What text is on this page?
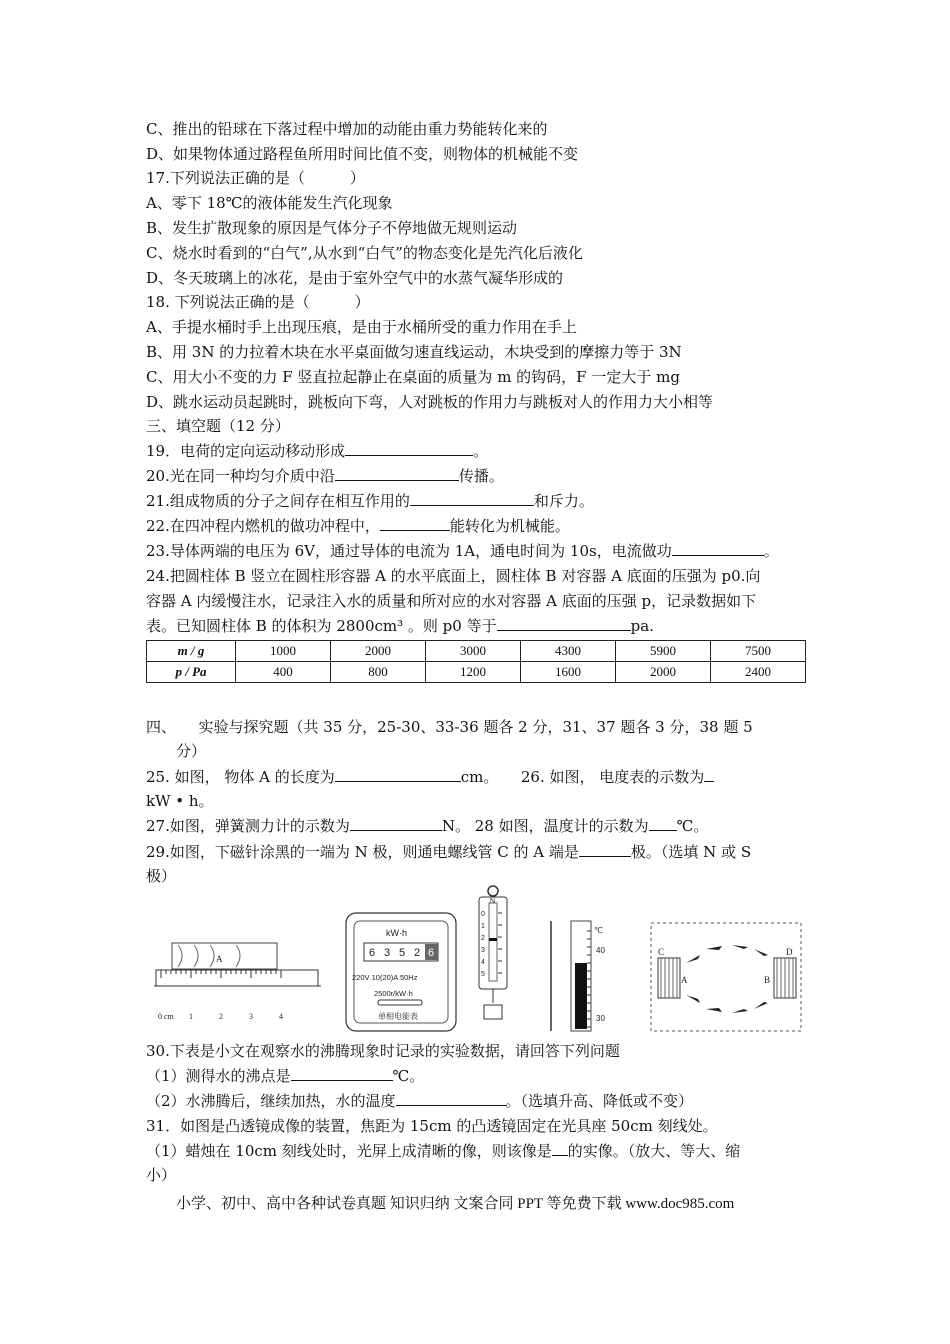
C、推出的铅球在下落过程中增加的动能由重力势能转化来的
D、如果物体通过路程鱼所用时间比值不变，则物体的机械能不变
17.下列说法正确的是（　　　）
A、零下 18℃的液体能发生汽化现象
B、发生扩散现象的原因是气体分子不停地做无规则运动
C、烧水时看到的“白气”,从水到“白气”的物态变化是先汽化后液化
D、冬天玻璃上的冰花，是由于室外空气中的水蒸气凝华形成的
18. 下列说法正确的是（　　　）
A、手提水桶时手上出现压痕，是由于水桶所受的重力作用在手上
B、用 3N 的力拉着木块在水平桌面做匀速直线运动，木块受到的摩擦力等于 3N
C、用大小不变的力 F 竖直拉起静止在桌面的质量为 m 的钩码，F 一定大于 mg
D、跳水运动员起跳时，跳板向下弯，人对跳板的作用力与跳板对人的作用力大小相等
三、填空题（12 分）
19．电荷的定向运动移动形成	。
20.光在同一种均匀介质中沿	传播。
21.组成物质的分子之间存在相互作用的	和斥力。
22.在四冲程内燃机的做功冲程中，	能转化为机械能。
23.导体两端的电压为 6V，通过导体的电流为 1A，通电时间为 10s，电流做功	。
24.把圆柱体 B 竖立在圆柱形容器 A 的水平底面上，圆柱体 B 对容器 A 底面的压强为 p0.向
容器 A 内缓慢注水，记录注入水的质量和所对应的水对容器 A 底面的压强 p，记录数据如下
表。已知圆柱体 B 的体积为 2800cm³ 。则 p0 等于	pa.
m / g	1000	2000	3000	4300	5900	7500
p / Pa	400	800	1200	1600	2000	2400
四、　　实验与探究题（共 35 分，25-30、33-36 题各 2 分，31、37 题各 3 分，38 题 5
分）
25. 如图， 物体 A 的长度为	cm。　　26. 如图， 电度表的示数为
kW • h。
27.如图，弹簧测力计的示数为	N。 28 如图，温度计的示数为 ℃。
29.如图，下磁针涂黑的一端为 N 极，则通电螺线管 C 的 A 端是	极。（选填 N 或 S
极）
A
0 cm 1	2	3	4
kW·h
6 3 5 2 6
220V 10(20)A 50Hz
2500r/kW·h
单相电能表
N
0
1
2
3
4
5
℃
40
30
C
A	B
D
30.下表是小文在观察水的沸腾现象时记录的实验数据，请回答下列问题
（1）测得水的沸点是	℃。
（2）水沸腾后，继续加热，水的温度	。（选填升高、降低或不变）
31．如图是凸透镜成像的装置，焦距为 15cm 的凸透镜固定在光具座 50cm 刻线处。
（1）蜡烛在 10cm 刻线处时，光屏上成清晰的像，则该像是 的实像。（放大、等大、缩
小）
小学、初中、高中各种试卷真题 知识归纳 文案合同 PPT 等免费下载 www.doc985.com
